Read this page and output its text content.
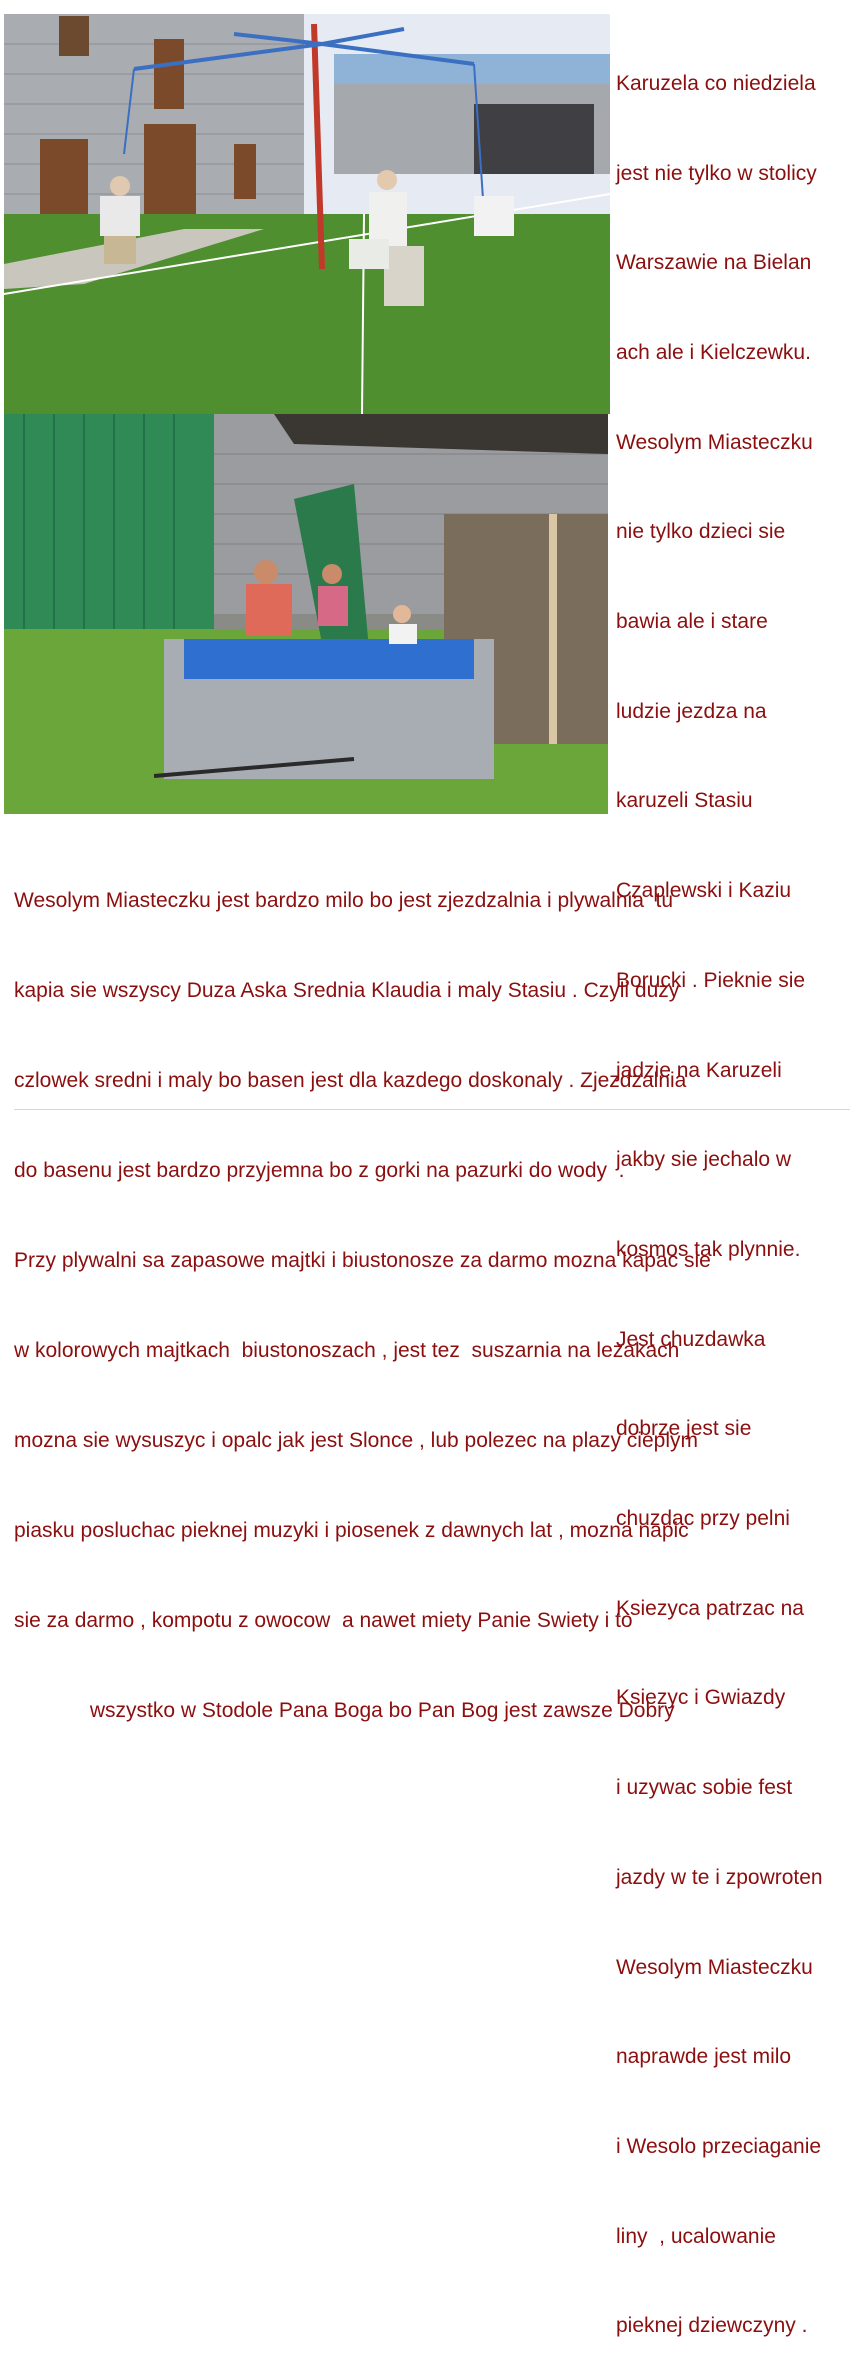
Karuzela co niedziela

jest nie tylko w stolicy

Warszawie na Bielan

ach ale i Kielczewku.

Wesolym Miasteczku

nie tylko dzieci sie

bawia ale i stare

ludzie jezdza na

karuzeli Stasiu

Czaplewski i Kaziu

Borucki . Pieknie sie

jadzie na Karuzeli

jakby sie jechalo w

kosmos tak plynnie.

Jest chuzdawka

dobrze jest sie

chuzdac przy pelni

Ksiezyca patrzac na

Ksiezyc i Gwiazdy

i uzywac sobie fest

jazdy w te i zpowroten

Wesolym Miasteczku

naprawde jest milo

i Wesolo przeciaganie

liny  , ucalowanie

pieknej dziewczyny .

Wesolym Miasteczku jest bardzo milo bo jest zjezdzalnia i plywalnia  tu

kapia sie wszyscy Duza Aska Srednia Klaudia i maly Stasiu . Czyli duzy

czlowek sredni i maly bo basen jest dla kazdego doskonaly . Zjezdzalnia

do basenu jest bardzo przyjemna bo z gorki na pazurki do wody  .

Przy plywalni sa zapasowe majtki i biustonosze za darmo mozna kapac sie

w kolorowych majtkach  biustonoszach , jest tez  suszarnia na lezakach

mozna sie wysuszyc i opalc jak jest Slonce , lub polezec na plazy cieplym

piasku posluchac pieknej muzyki i piosenek z dawnych lat , mozna napic

sie za darmo , kompotu z owocow  a nawet miety Panie Swiety i to

wszystko w Stodole Pana Boga bo Pan Bog jest zawsze Dobry
